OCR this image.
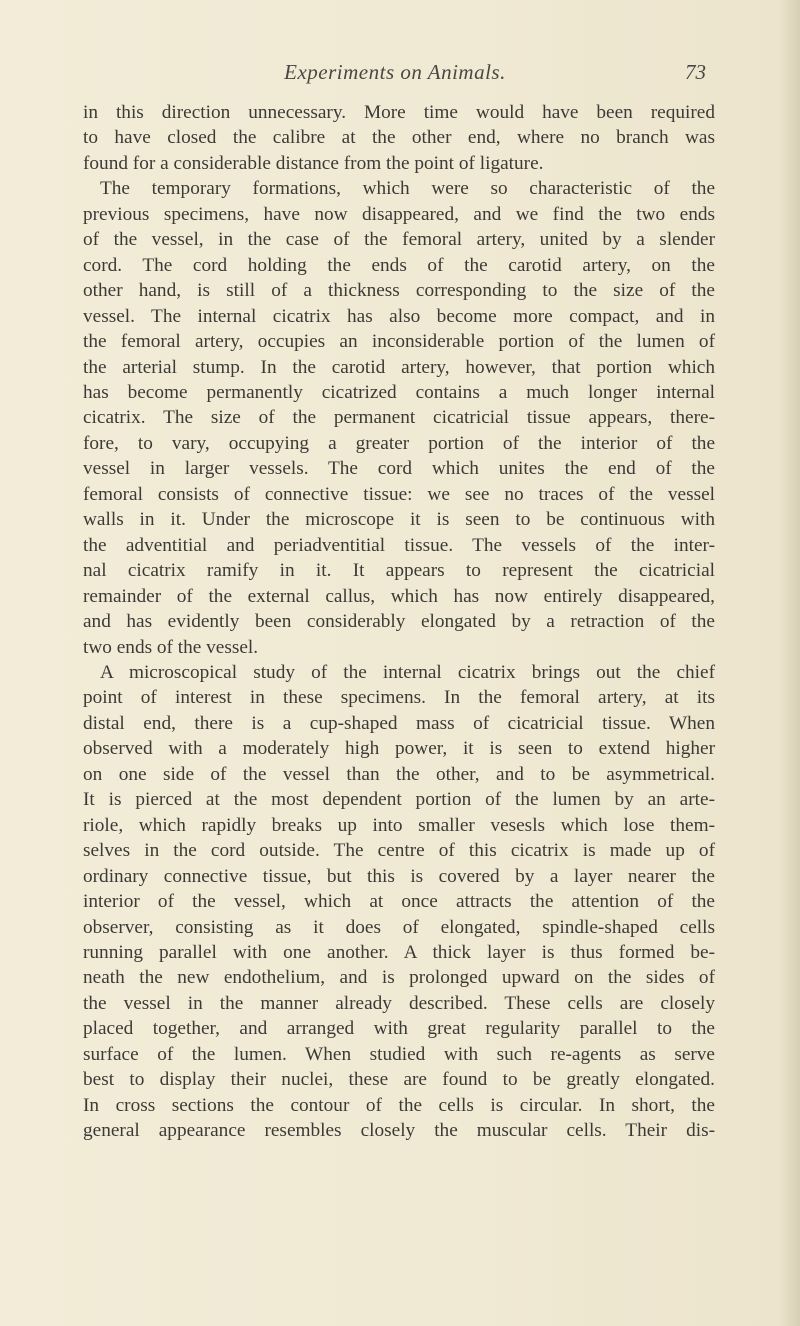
Experiments on Animals.	73
in this direction unnecessary. More time would have been required
to have closed the calibre at the other end, where no branch was
found for a considerable distance from the point of ligature.
The temporary formations, which were so characteristic of the
previous specimens, have now disappeared, and we find the two ends
of the vessel, in the case of the femoral artery, united by a slender
cord. The cord holding the ends of the carotid artery, on the
other hand, is still of a thickness corresponding to the size of the
vessel. The internal cicatrix has also become more compact, and in
the femoral artery, occupies an inconsiderable portion of the lumen of
the arterial stump. In the carotid artery, however, that portion which
has become permanently cicatrized contains a much longer internal
cicatrix. The size of the permanent cicatricial tissue appears, there-
fore, to vary, occupying a greater portion of the interior of the
vessel in larger vessels. The cord which unites the end of the
femoral consists of connective tissue: we see no traces of the vessel
walls in it. Under the microscope it is seen to be continuous with
the adventitial and periadventitial tissue. The vessels of the inter-
nal cicatrix ramify in it. It appears to represent the cicatricial
remainder of the external callus, which has now entirely disappeared,
and has evidently been considerably elongated by a retraction of the
two ends of the vessel.
A microscopical study of the internal cicatrix brings out the chief
point of interest in these specimens. In the femoral artery, at its
distal end, there is a cup-shaped mass of cicatricial tissue. When
observed with a moderately high power, it is seen to extend higher
on one side of the vessel than the other, and to be asymmetrical.
It is pierced at the most dependent portion of the lumen by an arte-
riole, which rapidly breaks up into smaller vesesls which lose them-
selves in the cord outside. The centre of this cicatrix is made up of
ordinary connective tissue, but this is covered by a layer nearer the
interior of the vessel, which at once attracts the attention of the
observer, consisting as it does of elongated, spindle-shaped cells
running parallel with one another. A thick layer is thus formed be-
neath the new endothelium, and is prolonged upward on the sides of
the vessel in the manner already described. These cells are closely
placed together, and arranged with great regularity parallel to the
surface of the lumen. When studied with such re-agents as serve
best to display their nuclei, these are found to be greatly elongated.
In cross sections the contour of the cells is circular. In short, the
general appearance resembles closely the muscular cells. Their dis-
